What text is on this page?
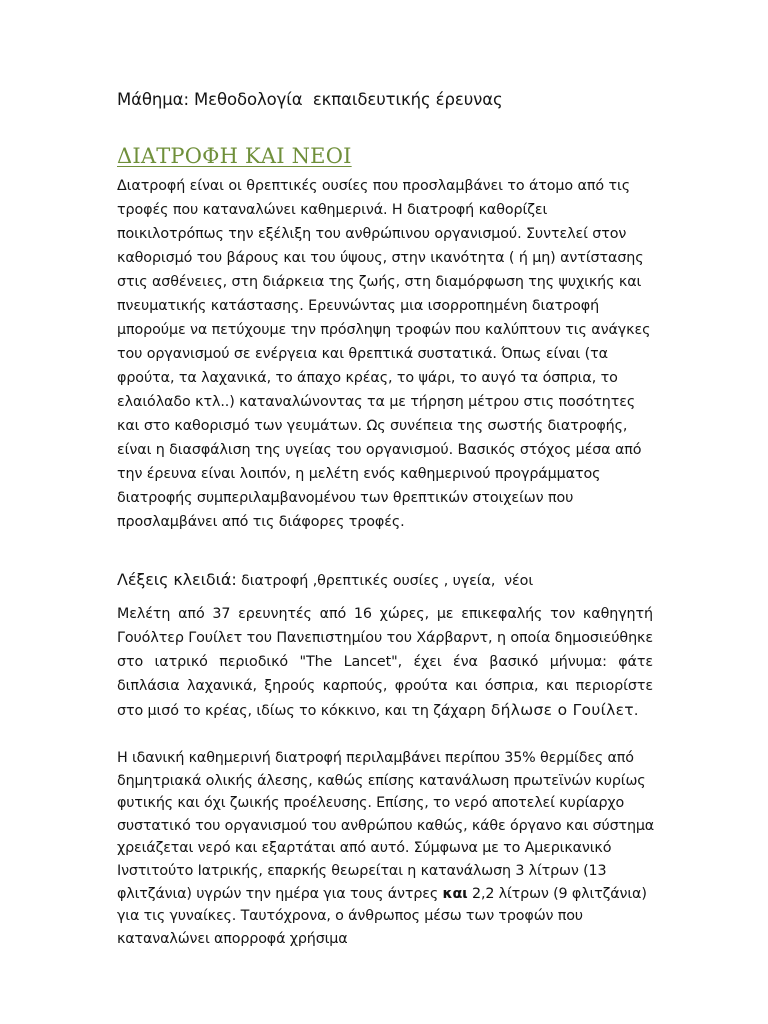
Μάθημα: Μεθοδολογία  εκπαιδευτικής έρευνας
ΔΙΑΤΡΟΦΗ ΚΑΙ ΝΕΟΙ

Διατροφή είναι οι θρεπτικές ουσίες που προσλαμβάνει το άτομο από τις τροφές που καταναλώνει καθημερινά. Η διατροφή καθορίζει ποικιλοτρόπως την εξέλιξη του ανθρώπινου οργανισμού. Συντελεί στον καθορισμό του βάρους και του ύψους, στην ικανότητα ( ή μη) αντίστασης στις ασθένειες, στη διάρκεια της ζωής, στη διαμόρφωση της ψυχικής και πνευματικής κατάστασης. Ερευνώντας μια ισορροπημένη διατροφή μπορούμε να πετύχουμε την πρόσληψη τροφών που καλύπτουν τις ανάγκες του οργανισμού σε ενέργεια και θρεπτικά συστατικά. Όπως είναι (τα φρούτα, τα λαχανικά, το άπαχο κρέας, το ψάρι, το αυγό τα όσπρια, το ελαιόλαδο κτλ..) καταναλώνοντας τα με τήρηση μέτρου στις ποσότητες και στο καθορισμό των γευμάτων. Ως συνέπεια της σωστής διατροφής, είναι η διασφάλιση της υγείας του οργανισμού. Βασικός στόχος μέσα από την έρευνα είναι λοιπόν, η μελέτη ενός καθημερινού προγράμματος διατροφής συμπεριλαμβανομένου των θρεπτικών στοιχείων που προσλαμβάνει από τις διάφορες τροφές.

Λέξεις κλειδιά: διατροφή ,θρεπτικές ουσίες , υγεία,  νέοι

Μελέτη από 37 ερευνητές από 16 χώρες, με επικεφαλής τον καθηγητή Γουόλτερ Γουίλετ του Πανεπιστημίου του Χάρβαρντ, η οποία δημοσιεύθηκε στο ιατρικό περιοδικό "The Lancet", έχει ένα βασικό μήνυμα: φάτε διπλάσια λαχανικά, ξηρούς καρπούς, φρούτα και όσπρια, και περιορίστε στο μισό το κρέας, ιδίως το κόκκινο, και τη ζάχαρη δήλωσε ο Γουίλετ.

Η ιδανική καθημερινή διατροφή περιλαμβάνει περίπου 35% θερμίδες από δημητριακά ολικής άλεσης, καθώς επίσης κατανάλωση πρωτεϊνών κυρίως φυτικής και όχι ζωικής προέλευσης. Επίσης, το νερό αποτελεί κυρίαρχο συστατικό του οργανισμού του ανθρώπου καθώς, κάθε όργανο και σύστημα χρειάζεται νερό και εξαρτάται από αυτό. Σύμφωνα με το Αμερικανικό Ινστιτούτο Ιατρικής, επαρκής θεωρείται η κατανάλωση 3 λίτρων (13 φλιτζάνια) υγρών την ημέρα για τους άντρες και 2,2 λίτρων (9 φλιτζάνια) για τις γυναίκες. Ταυτόχρονα, ο άνθρωπος μέσω των τροφών που καταναλώνει απορροφά χρήσιμα
